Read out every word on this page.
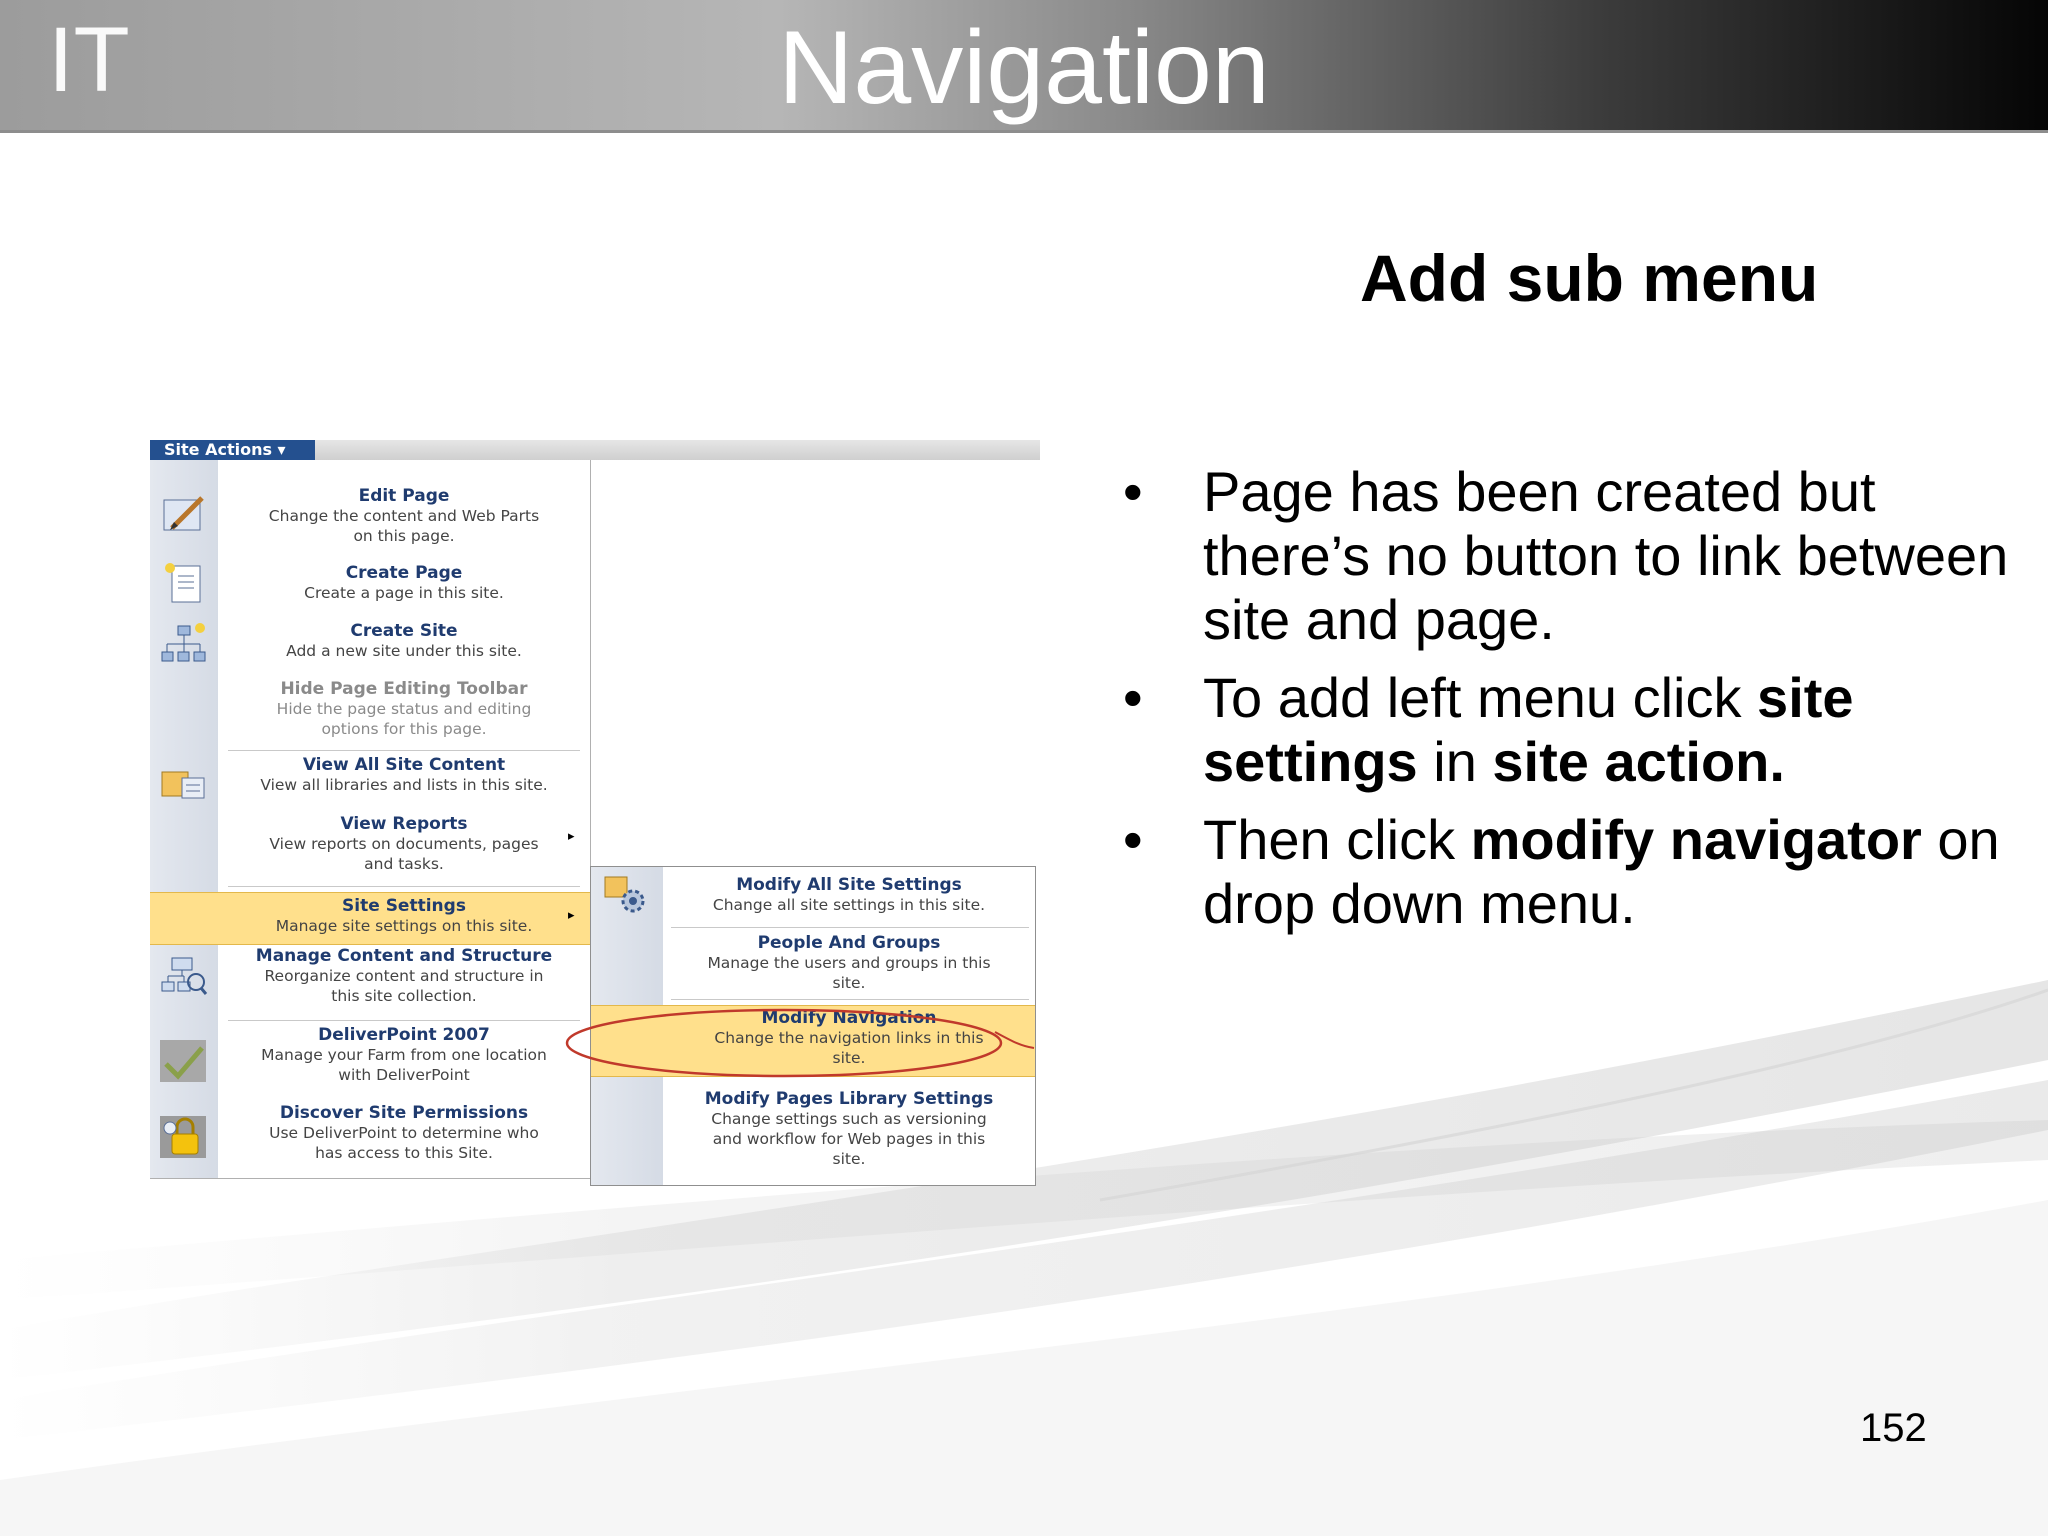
IT	Navigation
Add sub menu
• Page has been created but there’s no button to link between site and page.
• To add left menu click site settings in site action.
• Then click modify navigator on drop down menu.
Site Actions ▾
Edit Page
Change the content and Web Parts
on this page.
Create Page
Create a page in this site.
Create Site
Add a new site under this site.
Hide Page Editing Toolbar
Hide the page status and editing
options for this page.
View All Site Content
View all libraries and lists in this site.
View Reports
View reports on documents, pages
and tasks.
▸
Site Settings
Manage site settings on this site.
▸
Manage Content and Structure
Reorganize content and structure in
this site collection.
DeliverPoint 2007
Manage your Farm from one location
with DeliverPoint
Discover Site Permissions
Use DeliverPoint to determine who
has access to this Site.
Modify All Site Settings
Change all site settings in this site.
People And Groups
Manage the users and groups in this
site.
Modify Navigation
Change the navigation links in this
site.
Modify Pages Library Settings
Change settings such as versioning
and workflow for Web pages in this
site.
152
